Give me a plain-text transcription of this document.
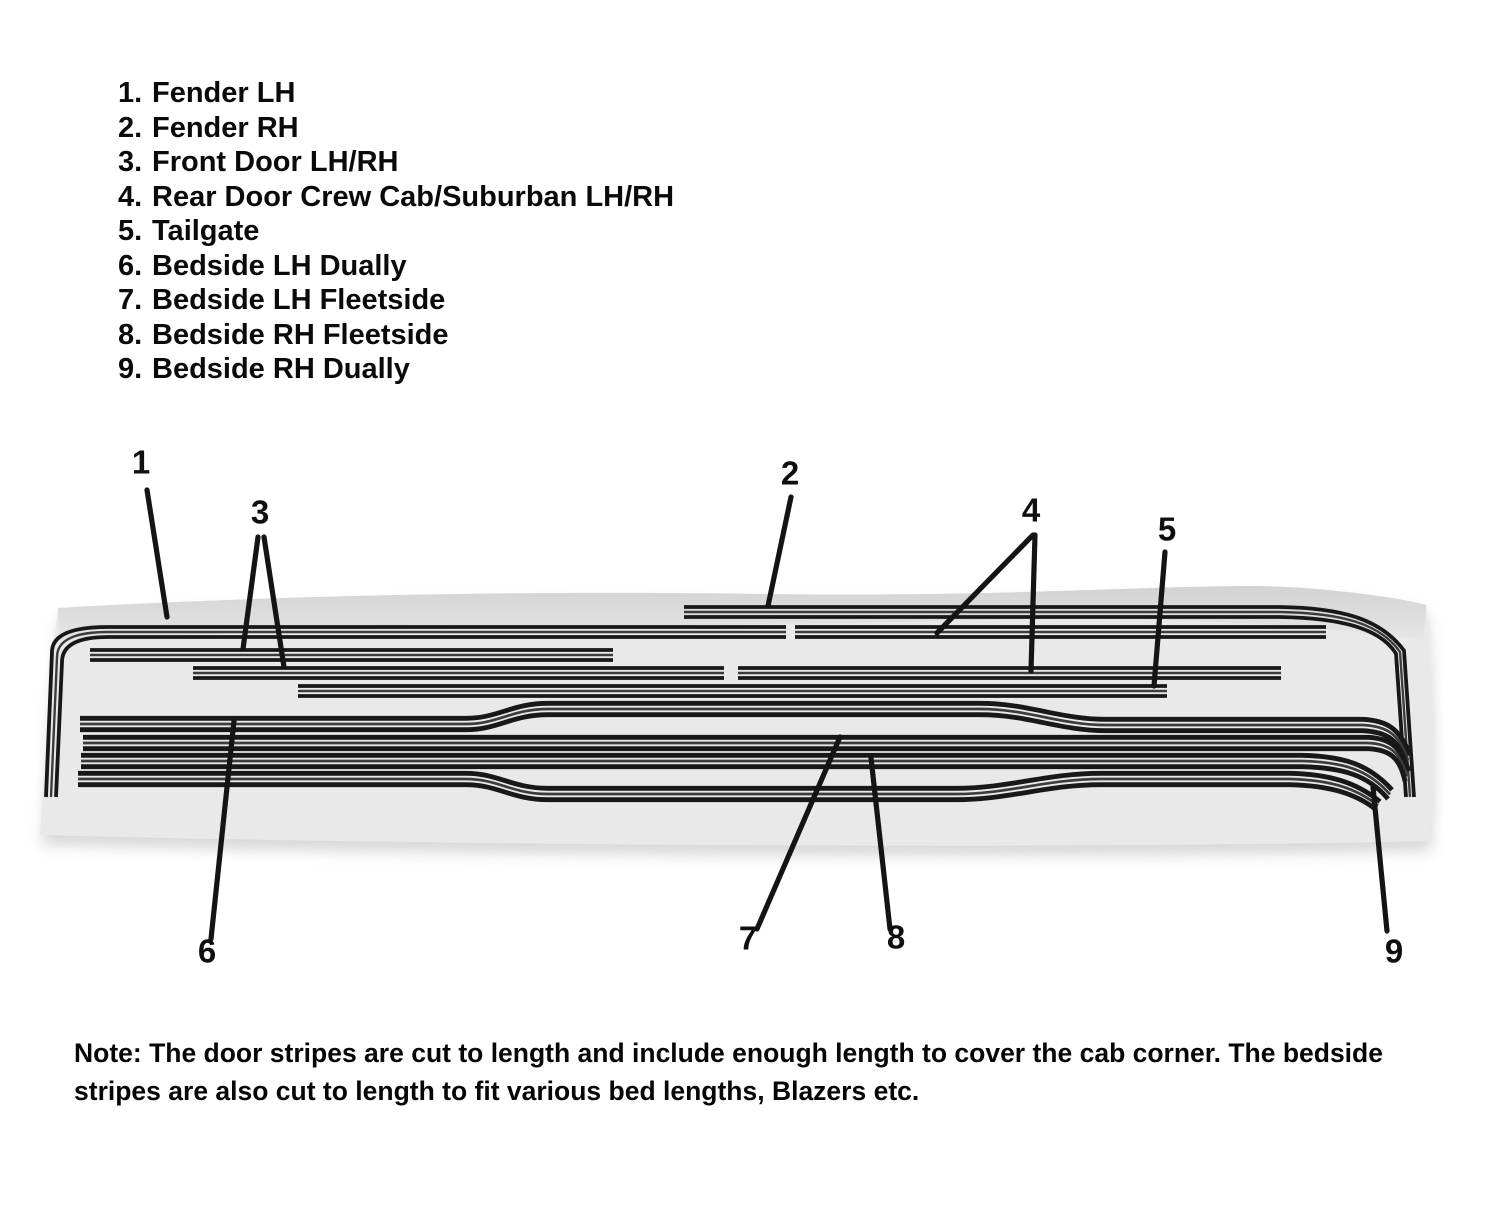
1. Fender LH
2. Fender RH
3. Front Door LH/RH
4. Rear Door Crew Cab/Suburban LH/RH
5. Tailgate
6. Bedside LH Dually
7. Bedside LH Fleetside
8. Bedside RH Fleetside
9. Bedside RH Dually
1	2
3	4
5
6	7	8	9

Note: The door stripes are cut to length and include enough length to cover the cab corner. The bedside stripes are also cut to length to fit various bed lengths, Blazers etc.
